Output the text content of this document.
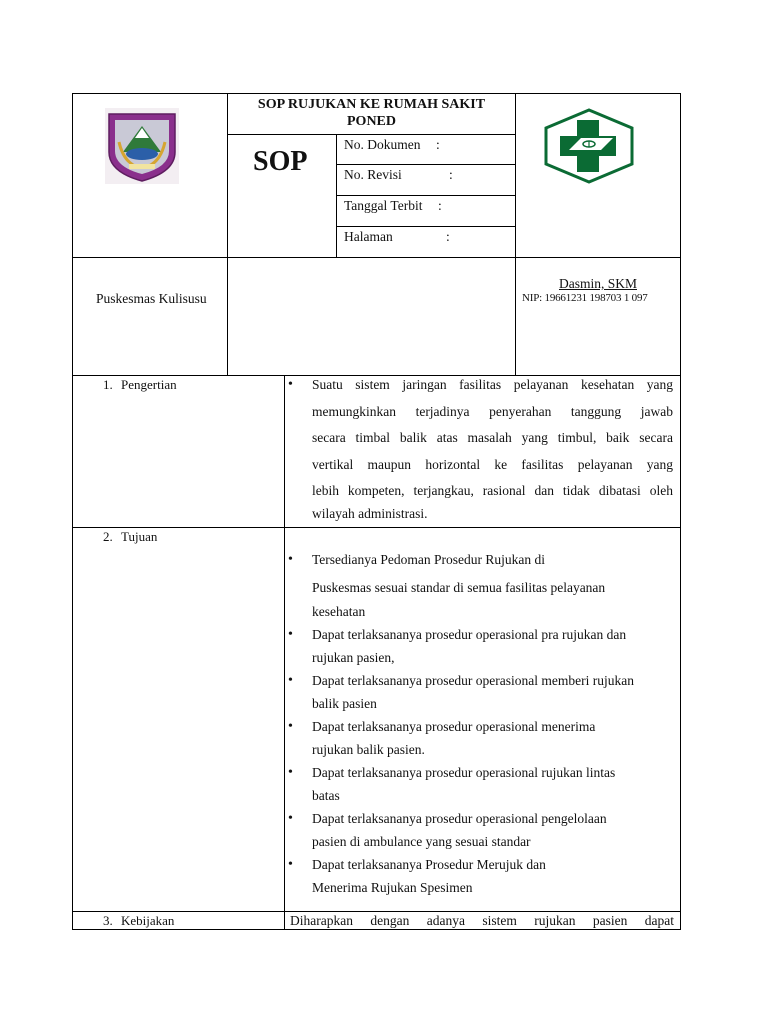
SOP RUJUKAN KE RUMAH SAKIT
PONED
SOP
No. Dokumen :
No. Revisi	:
Tanggal Terbit :
Halaman	:
Puskesmas Kulisusu
Dasmin, SKM
NIP: 19661231 198703 1 097
1. Pengertian	• Suatu sistem jaringan fasilitas pelayanan kesehatan yang
memungkinkan terjadinya penyerahan tanggung jawab
secara timbal balik atas masalah yang timbul, baik secara
vertikal maupun horizontal ke fasilitas pelayanan yang
lebih kompeten, terjangkau, rasional dan tidak dibatasi oleh
wilayah administrasi.
2. Tujuan
• Tersedianya Pedoman Prosedur Rujukan di
Puskesmas sesuai standar di semua fasilitas pelayanan
kesehatan
• Dapat terlaksananya prosedur operasional pra rujukan dan
rujukan pasien,
• Dapat terlaksananya prosedur operasional memberi rujukan
balik pasien
• Dapat terlaksananya prosedur operasional menerima
rujukan balik pasien.
• Dapat terlaksananya prosedur operasional rujukan lintas
batas
• Dapat terlaksananya prosedur operasional pengelolaan
pasien di ambulance yang sesuai standar
• Dapat terlaksananya Prosedur Merujuk dan
Menerima Rujukan Spesimen
3. Kebijakan	Diharapkan dengan adanya sistem rujukan pasien dapat
